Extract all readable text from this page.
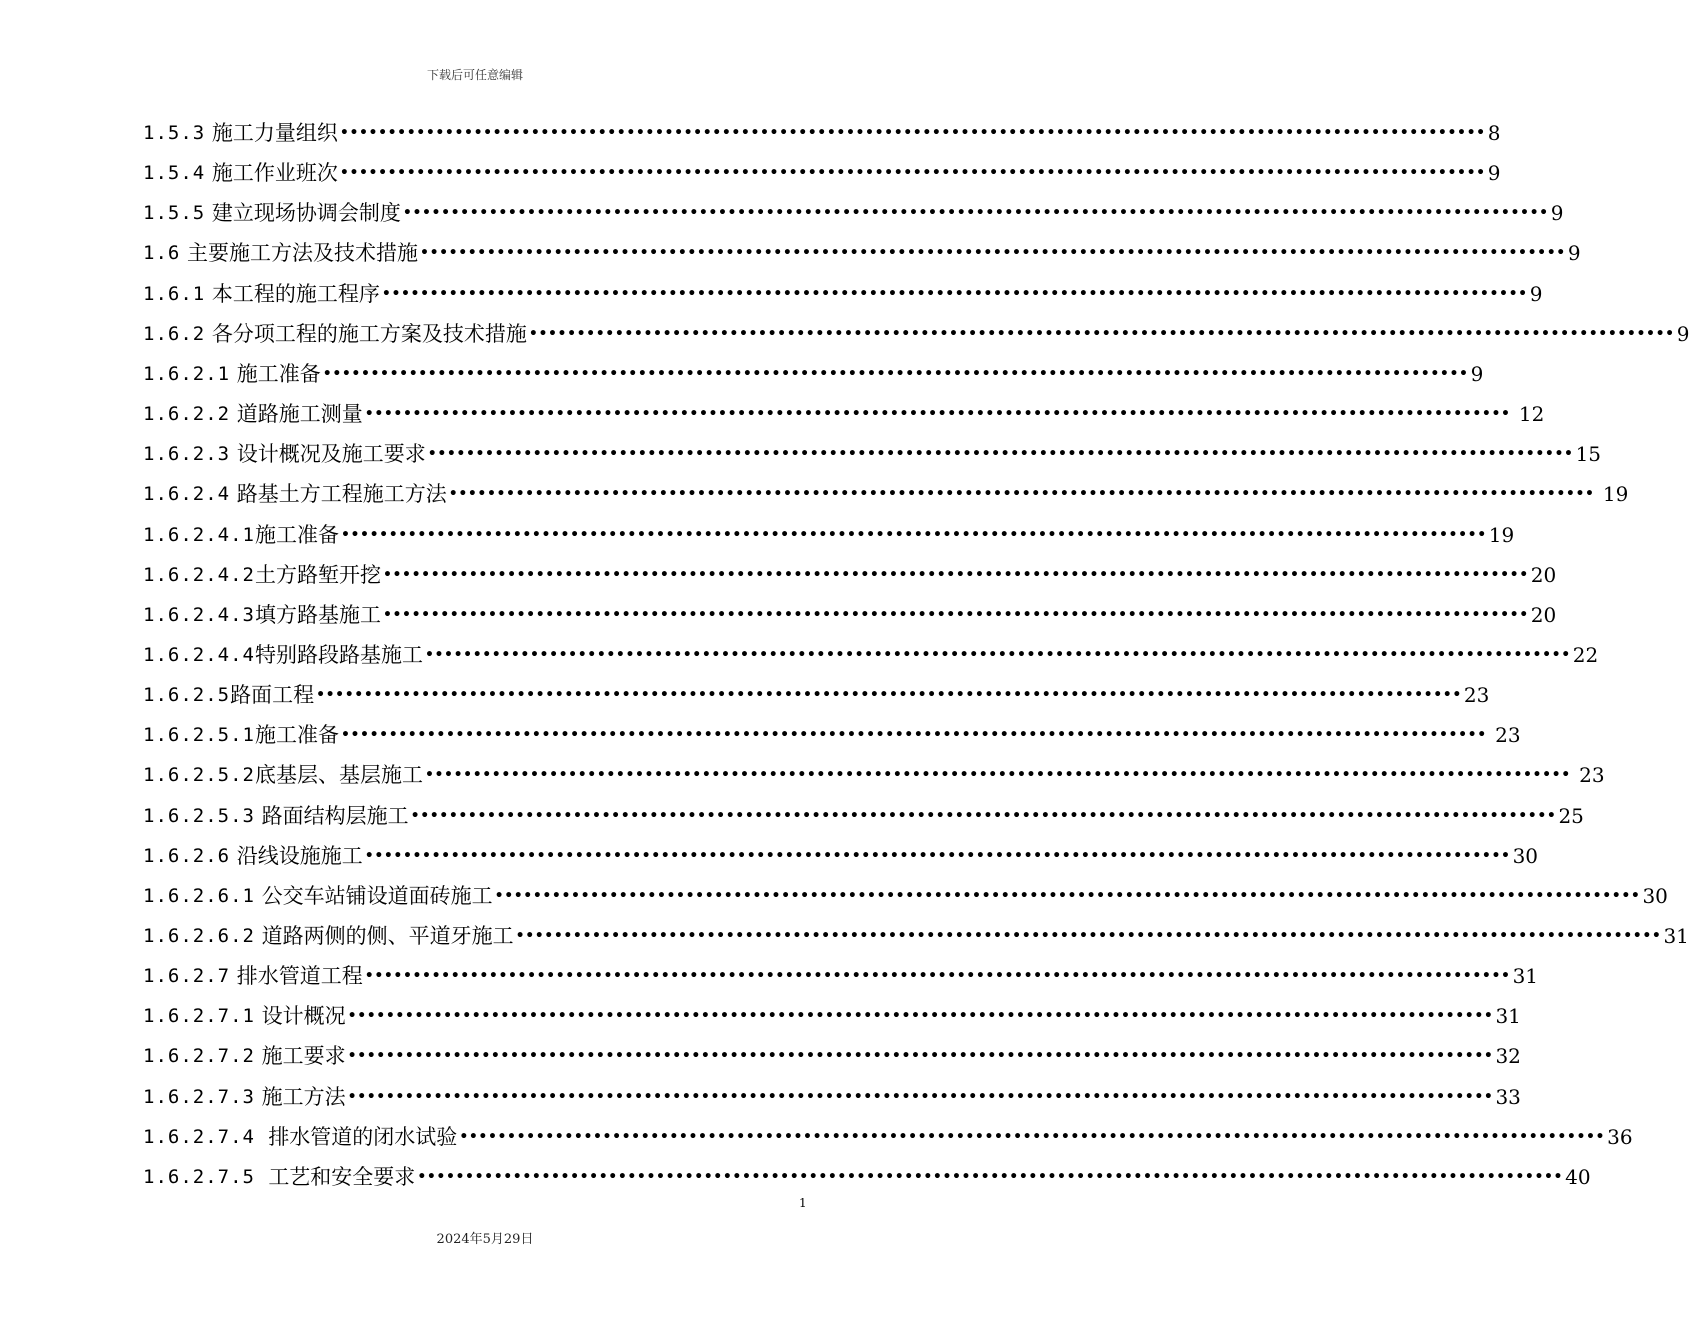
下载后可任意编辑
1.5.3
施工力量组织 •••••••••••••••••••••••••••••••••••••••••••••••••••••••••••••••••••••••••••••••••••••••••••••••••••••••••••••••••••••••• 8
1.5.4
施工作业班次 •••••••••••••••••••••••••••••••••••••••••••••••••••••••••••••••••••••••••••••••••••••••••••••••••••••••••••••••••••••••• 9
1.5.5
建立现场协调会制度 •••••••••••••••••••••••••••••••••••••••••••••••••••••••••••••••••••••••••••••••••••••••••••••••••••••••••••••••••••••••• 9
1.6
主要施工方法及技术措施 •••••••••••••••••••••••••••••••••••••••••••••••••••••••••••••••••••••••••••••••••••••••••••••••••••••••••••••••••••••••• 9
1.6.1
本工程的施工程序 •••••••••••••••••••••••••••••••••••••••••••••••••••••••••••••••••••••••••••••••••••••••••••••••••••••••••••••••••••••••• 9
1.6.2
各分项工程的施工方案及技术措施 •••••••••••••••••••••••••••••••••••••••••••••••••••••••••••••••••••••••••••••••••••••••••••••••••••••••••••••••••••••••• 9
1.6.2.1
施工准备 •••••••••••••••••••••••••••••••••••••••••••••••••••••••••••••••••••••••••••••••••••••••••••••••••••••••••••••••••••••••• 9
1.6.2.2
道路施工测量 •••••••••••••••••••••••••••••••••••••••••••••••••••••••••••••••••••••••••••••••••••••••••••••••••••••••••••••••••••••••• 12
1.6.2.3
设计概况及施工要求 •••••••••••••••••••••••••••••••••••••••••••••••••••••••••••••••••••••••••••••••••••••••••••••••••••••••••••••••••••••••• 15
1.6.2.4
路基土方工程施工方法 •••••••••••••••••••••••••••••••••••••••••••••••••••••••••••••••••••••••••••••••••••••••••••••••••••••••••••••••••••••••• 19
1.6.2.4.1 施工准备 •••••••••••••••••••••••••••••••••••••••••••••••••••••••••••••••••••••••••••••••••••••••••••••••••••••••••••••••••••••••• 19
1.6.2.4.2 土方路堑开挖 •••••••••••••••••••••••••••••••••••••••••••••••••••••••••••••••••••••••••••••••••••••••••••••••••••••••••••••••••••••••• 20
1.6.2.4.3 填方路基施工 •••••••••••••••••••••••••••••••••••••••••••••••••••••••••••••••••••••••••••••••••••••••••••••••••••••••••••••••••••••••• 20
1.6.2.4.4 特别路段路基施工 •••••••••••••••••••••••••••••••••••••••••••••••••••••••••••••••••••••••••••••••••••••••••••••••••••••••••••••••••••••••• 22
1.6.2.5 路面工程 •••••••••••••••••••••••••••••••••••••••••••••••••••••••••••••••••••••••••••••••••••••••••••••••••••••••••••••••••••••••• 23
1.6.2.5.1 施工准备 •••••••••••••••••••••••••••••••••••••••••••••••••••••••••••••••••••••••••••••••••••••••••••••••••••••••••••••••••••••••• 23
1.6.2.5.2 底基层、基层施工 •••••••••••••••••••••••••••••••••••••••••••••••••••••••••••••••••••••••••••••••••••••••••••••••••••••••••••••••••••••••• 23
1.6.2.5.3
路面结构层施工 •••••••••••••••••••••••••••••••••••••••••••••••••••••••••••••••••••••••••••••••••••••••••••••••••••••••••••••••••••••••• 25
1.6.2.6
沿线设施施工 •••••••••••••••••••••••••••••••••••••••••••••••••••••••••••••••••••••••••••••••••••••••••••••••••••••••••••••••••••••••• 30
1.6.2.6.1
公交车站铺设道面砖施工 •••••••••••••••••••••••••••••••••••••••••••••••••••••••••••••••••••••••••••••••••••••••••••••••••••••••••••••••••••••••• 30
1.6.2.6.2
道路两侧的侧、平道牙施工 •••••••••••••••••••••••••••••••••••••••••••••••••••••••••••••••••••••••••••••••••••••••••••••••••••••••••••••••••••••••• 31
1.6.2.7
排水管道工程 •••••••••••••••••••••••••••••••••••••••••••••••••••••••••••••••••••••••••••••••••••••••••••••••••••••••••••••••••••••••• 31
1.6.2.7.1
设计概况 •••••••••••••••••••••••••••••••••••••••••••••••••••••••••••••••••••••••••••••••••••••••••••••••••••••••••••••••••••••••• 31
1.6.2.7.2
施工要求 •••••••••••••••••••••••••••••••••••••••••••••••••••••••••••••••••••••••••••••••••••••••••••••••••••••••••••••••••••••••• 32
1.6.2.7.3
施工方法 •••••••••••••••••••••••••••••••••••••••••••••••••••••••••••••••••••••••••••••••••••••••••••••••••••••••••••••••••••••••• 33
1.6.2.7.4
排水管道的闭水试验 •••••••••••••••••••••••••••••••••••••••••••••••••••••••••••••••••••••••••••••••••••••••••••••••••••••••••••••••••••••••• 36
1.6.2.7.5
工艺和安全要求 •••••••••••••••••••••••••••••••••••••••••••••••••••••••••••••••••••••••••••••••••••••••••••••••••••••••••••••••••••••••• 40
1
2024年5月29日
